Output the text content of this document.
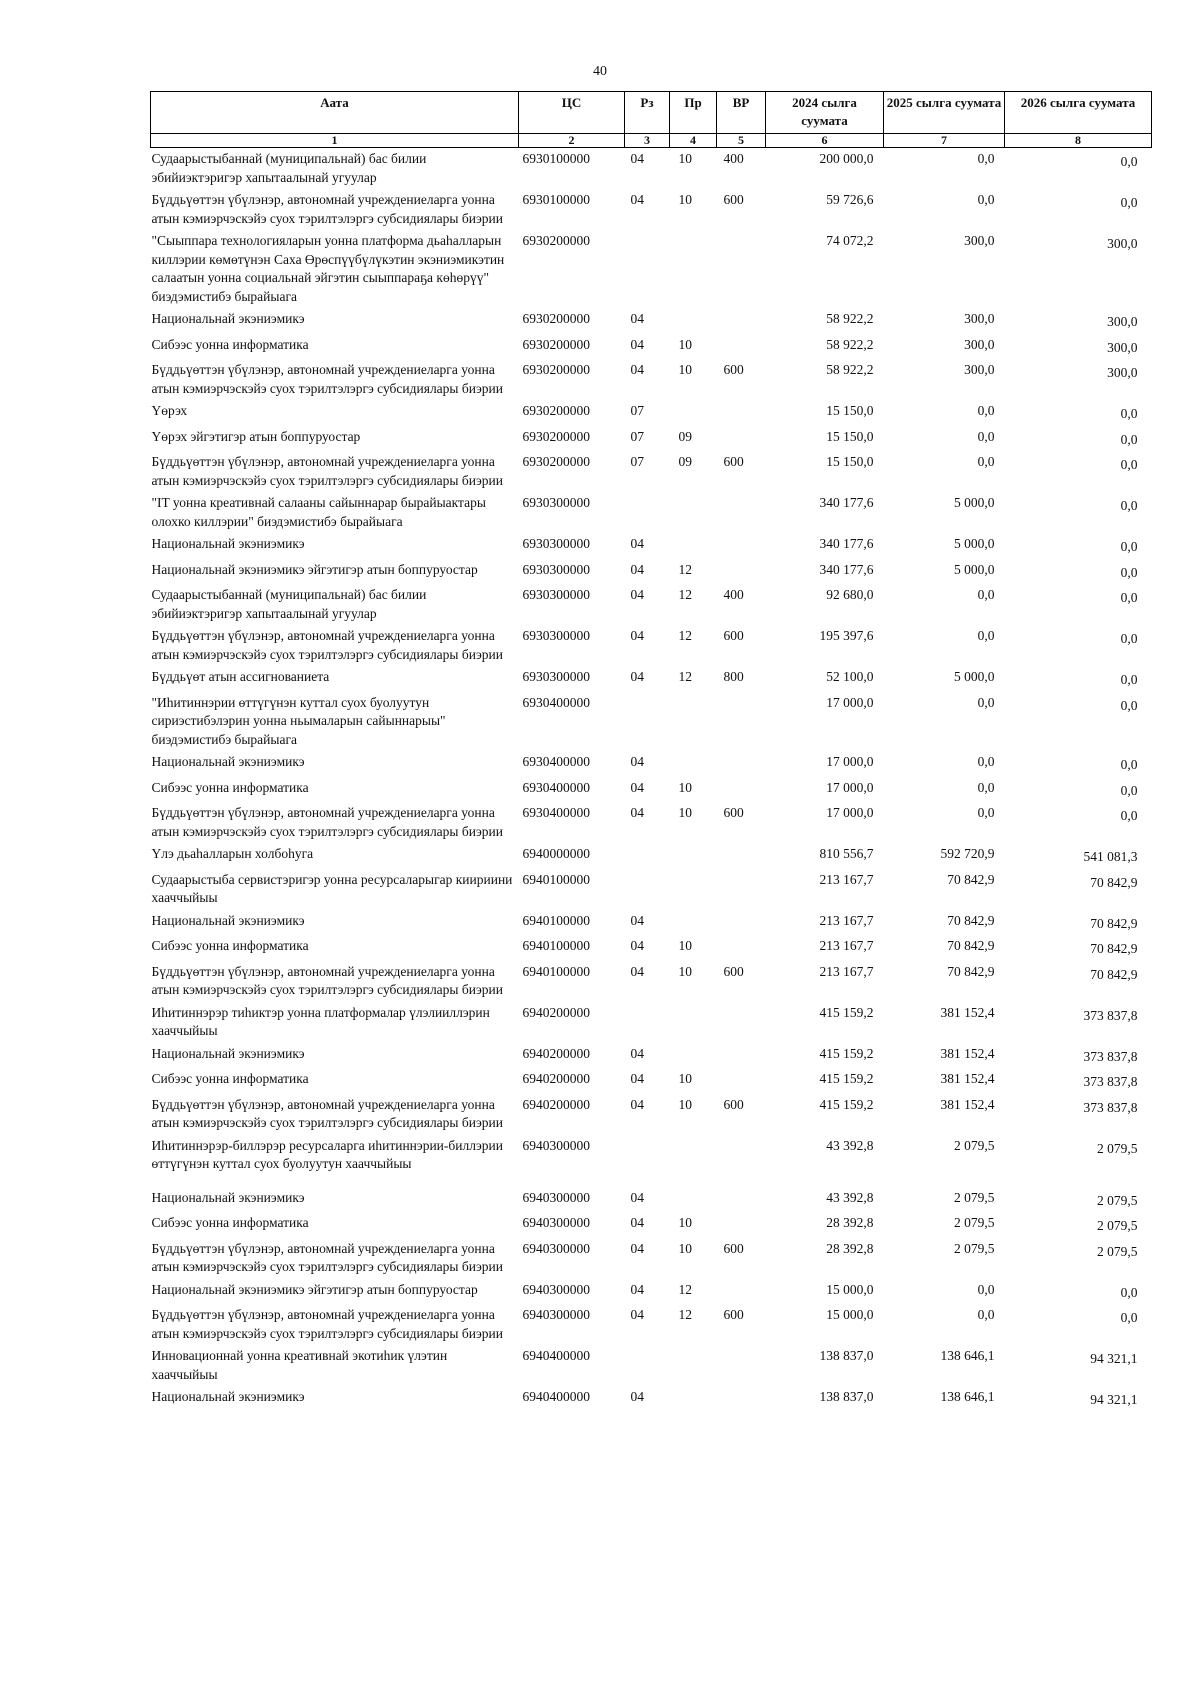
40
Аата	ЦС	Рз	Пр	ВР	2024 сылга суумата	2025 сылга суумата	2026 сылга суумата
1	2	3	4	5	6	7	8
Судаарыстыбаннай (муниципальнай) бас билии эбийиэктэригэр хапытаалынай угуулар	6930100000	04	10	400	200 000,0	0,0	0,0
Бүддьүөттэн үбүлэнэр, автономнай учреждениеларга уонна атын кэмиэрчэскэйэ суох тэрилтэлэргэ субсидиялары биэрии	6930100000	04	10	600	59 726,6	0,0	0,0
"Сыыппара технологияларын уонна платформа дьаһалларын киллэрии көмөтүнэн Саха Өрөспүүбүлүкэтин экэниэмикэтин салаатын уонна социальнай эйгэтин сыыппараҕа көһөрүү" биэдэмистибэ бырайыага	6930200000				74 072,2	300,0	300,0
Национальнай экэниэмикэ	6930200000	04			58 922,2	300,0	300,0
Сибээс уонна информатика	6930200000	04	10		58 922,2	300,0	300,0
Бүддьүөттэн үбүлэнэр, автономнай учреждениеларга уонна атын кэмиэрчэскэйэ суох тэрилтэлэргэ субсидиялары биэрии	6930200000	04	10	600	58 922,2	300,0	300,0
Үөрэх	6930200000	07			15 150,0	0,0	0,0
Үөрэх эйгэтигэр атын боппуруостар	6930200000	07	09		15 150,0	0,0	0,0
Бүддьүөттэн үбүлэнэр, автономнай учреждениеларга уонна атын кэмиэрчэскэйэ суох тэрилтэлэргэ субсидиялары биэрии	6930200000	07	09	600	15 150,0	0,0	0,0
"IT уонна креативнай салааны сайыннарар бырайыактары олохко киллэрии" биэдэмистибэ бырайыага	6930300000				340 177,6	5 000,0	0,0
Национальнай экэниэмикэ	6930300000	04			340 177,6	5 000,0	0,0
Национальнай экэниэмикэ эйгэтигэр атын боппуруостар	6930300000	04	12		340 177,6	5 000,0	0,0
Судаарыстыбаннай (муниципальнай) бас билии эбийиэктэригэр хапытаалынай угуулар	6930300000	04	12	400	92 680,0	0,0	0,0
Бүддьүөттэн үбүлэнэр, автономнай учреждениеларга уонна атын кэмиэрчэскэйэ суох тэрилтэлэргэ субсидиялары биэрии	6930300000	04	12	600	195 397,6	0,0	0,0
Бүддьүөт атын ассигнованиета	6930300000	04	12	800	52 100,0	5 000,0	0,0
"Иһитиннэрии өттүгүнэн куттал суох буолуутун сириэстибэлэрин уонна ньымаларын сайыннарыы" биэдэмистибэ бырайыага	6930400000				17 000,0	0,0	0,0
Национальнай экэниэмикэ	6930400000	04			17 000,0	0,0	0,0
Сибээс уонна информатика	6930400000	04	10		17 000,0	0,0	0,0
Бүддьүөттэн үбүлэнэр, автономнай учреждениеларга уонна атын кэмиэрчэскэйэ суох тэрилтэлэргэ субсидиялары биэрии	6930400000	04	10	600	17 000,0	0,0	0,0
Үлэ дьаһалларын холбоһуга	6940000000				810 556,7	592 720,9	541 081,3
Судаарыстыба сервистэригэр уонна ресурсаларыгар киириини хааччыйыы	6940100000				213 167,7	70 842,9	70 842,9
Национальнай экэниэмикэ	6940100000	04			213 167,7	70 842,9	70 842,9
Сибээс уонна информатика	6940100000	04	10		213 167,7	70 842,9	70 842,9
Бүддьүөттэн үбүлэнэр, автономнай учреждениеларга уонна атын кэмиэрчэскэйэ суох тэрилтэлэргэ субсидиялары биэрии	6940100000	04	10	600	213 167,7	70 842,9	70 842,9
Иһитиннэрэр тиһиктэр уонна платформалар үлэлииллэрин хааччыйыы	6940200000				415 159,2	381 152,4	373 837,8
Национальнай экэниэмикэ	6940200000	04			415 159,2	381 152,4	373 837,8
Сибээс уонна информатика	6940200000	04	10		415 159,2	381 152,4	373 837,8
Бүддьүөттэн үбүлэнэр, автономнай учреждениеларга уонна атын кэмиэрчэскэйэ суох тэрилтэлэргэ субсидиялары биэрии	6940200000	04	10	600	415 159,2	381 152,4	373 837,8
Иһитиннэрэр-биллэрэр ресурсаларга иһитиннэрии-биллэрии өттүгүнэн куттал суох буолуутун хааччыйыы	6940300000				43 392,8	2 079,5	2 079,5
Национальнай экэниэмикэ	6940300000	04			43 392,8	2 079,5	2 079,5
Сибээс уонна информатика	6940300000	04	10		28 392,8	2 079,5	2 079,5
Бүддьүөттэн үбүлэнэр, автономнай учреждениеларга уонна атын кэмиэрчэскэйэ суох тэрилтэлэргэ субсидиялары биэрии	6940300000	04	10	600	28 392,8	2 079,5	2 079,5
Национальнай экэниэмикэ эйгэтигэр атын боппуруостар	6940300000	04	12		15 000,0	0,0	0,0
Бүддьүөттэн үбүлэнэр, автономнай учреждениеларга уонна атын кэмиэрчэскэйэ суох тэрилтэлэргэ субсидиялары биэрии	6940300000	04	12	600	15 000,0	0,0	0,0
Инновационнай уонна креативнай экотиһик үлэтин хааччыйыы	6940400000				138 837,0	138 646,1	94 321,1
Национальнай экэниэмикэ	6940400000	04			138 837,0	138 646,1	94 321,1
